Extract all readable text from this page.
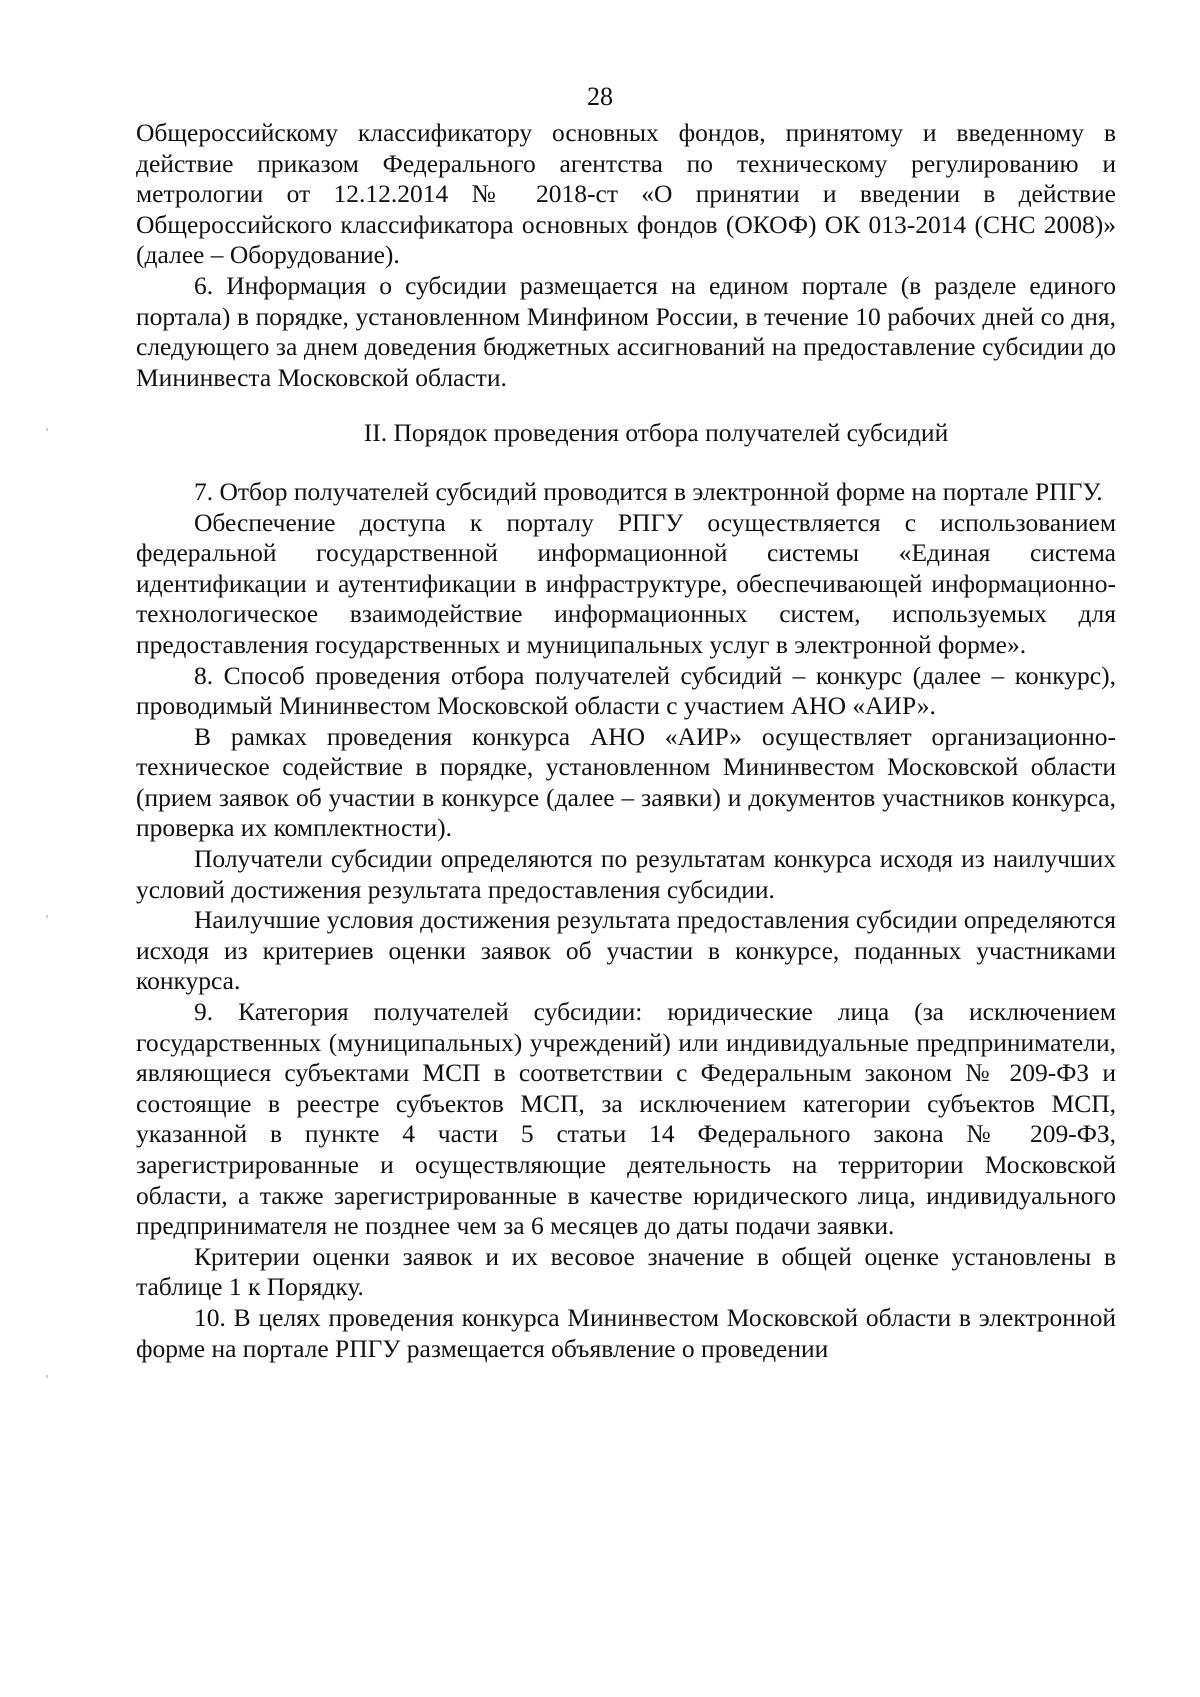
28

Общероссийскому классификатору основных фондов, принятому и введенному в действие приказом Федерального агентства по техническому регулированию и метрологии от 12.12.2014 № 2018-ст «О принятии и введении в действие Общероссийского классификатора основных фондов (ОКОФ) ОК 013-2014 (СНС 2008)» (далее – Оборудование).

6. Информация о субсидии размещается на едином портале (в разделе единого портала) в порядке, установленном Минфином России, в течение 10 рабочих дней со дня, следующего за днем доведения бюджетных ассигнований на предоставление субсидии до Мининвеста Московской области.

II. Порядок проведения отбора получателей субсидий

7. Отбор получателей субсидий проводится в электронной форме на портале РПГУ.

Обеспечение доступа к порталу РПГУ осуществляется с использованием федеральной государственной информационной системы «Единая система идентификации и аутентификации в инфраструктуре, обеспечивающей информационно-технологическое взаимодействие информационных систем, используемых для предоставления государственных и муниципальных услуг в электронной форме».

8. Способ проведения отбора получателей субсидий – конкурс (далее – конкурс), проводимый Мининвестом Московской области с участием АНО «АИР».

В рамках проведения конкурса АНО «АИР» осуществляет организационно-техническое содействие в порядке, установленном Мининвестом Московской области (прием заявок об участии в конкурсе (далее – заявки) и документов участников конкурса, проверка их комплектности).

Получатели субсидии определяются по результатам конкурса исходя из наилучших условий достижения результата предоставления субсидии.

Наилучшие условия достижения результата предоставления субсидии определяются исходя из критериев оценки заявок об участии в конкурсе, поданных участниками конкурса.

9. Категория получателей субсидии: юридические лица (за исключением государственных (муниципальных) учреждений) или индивидуальные предприниматели, являющиеся субъектами МСП в соответствии с Федеральным законом № 209-ФЗ и состоящие в реестре субъектов МСП, за исключением категории субъектов МСП, указанной в пункте 4 части 5 статьи 14 Федерального закона № 209-ФЗ, зарегистрированные и осуществляющие деятельность на территории Московской области, а также зарегистрированные в качестве юридического лица, индивидуального предпринимателя не позднее чем за 6 месяцев до даты подачи заявки.

Критерии оценки заявок и их весовое значение в общей оценке установлены в таблице 1 к Порядку.

10. В целях проведения конкурса Мининвестом Московской области в электронной форме на портале РПГУ размещается объявление о проведении
